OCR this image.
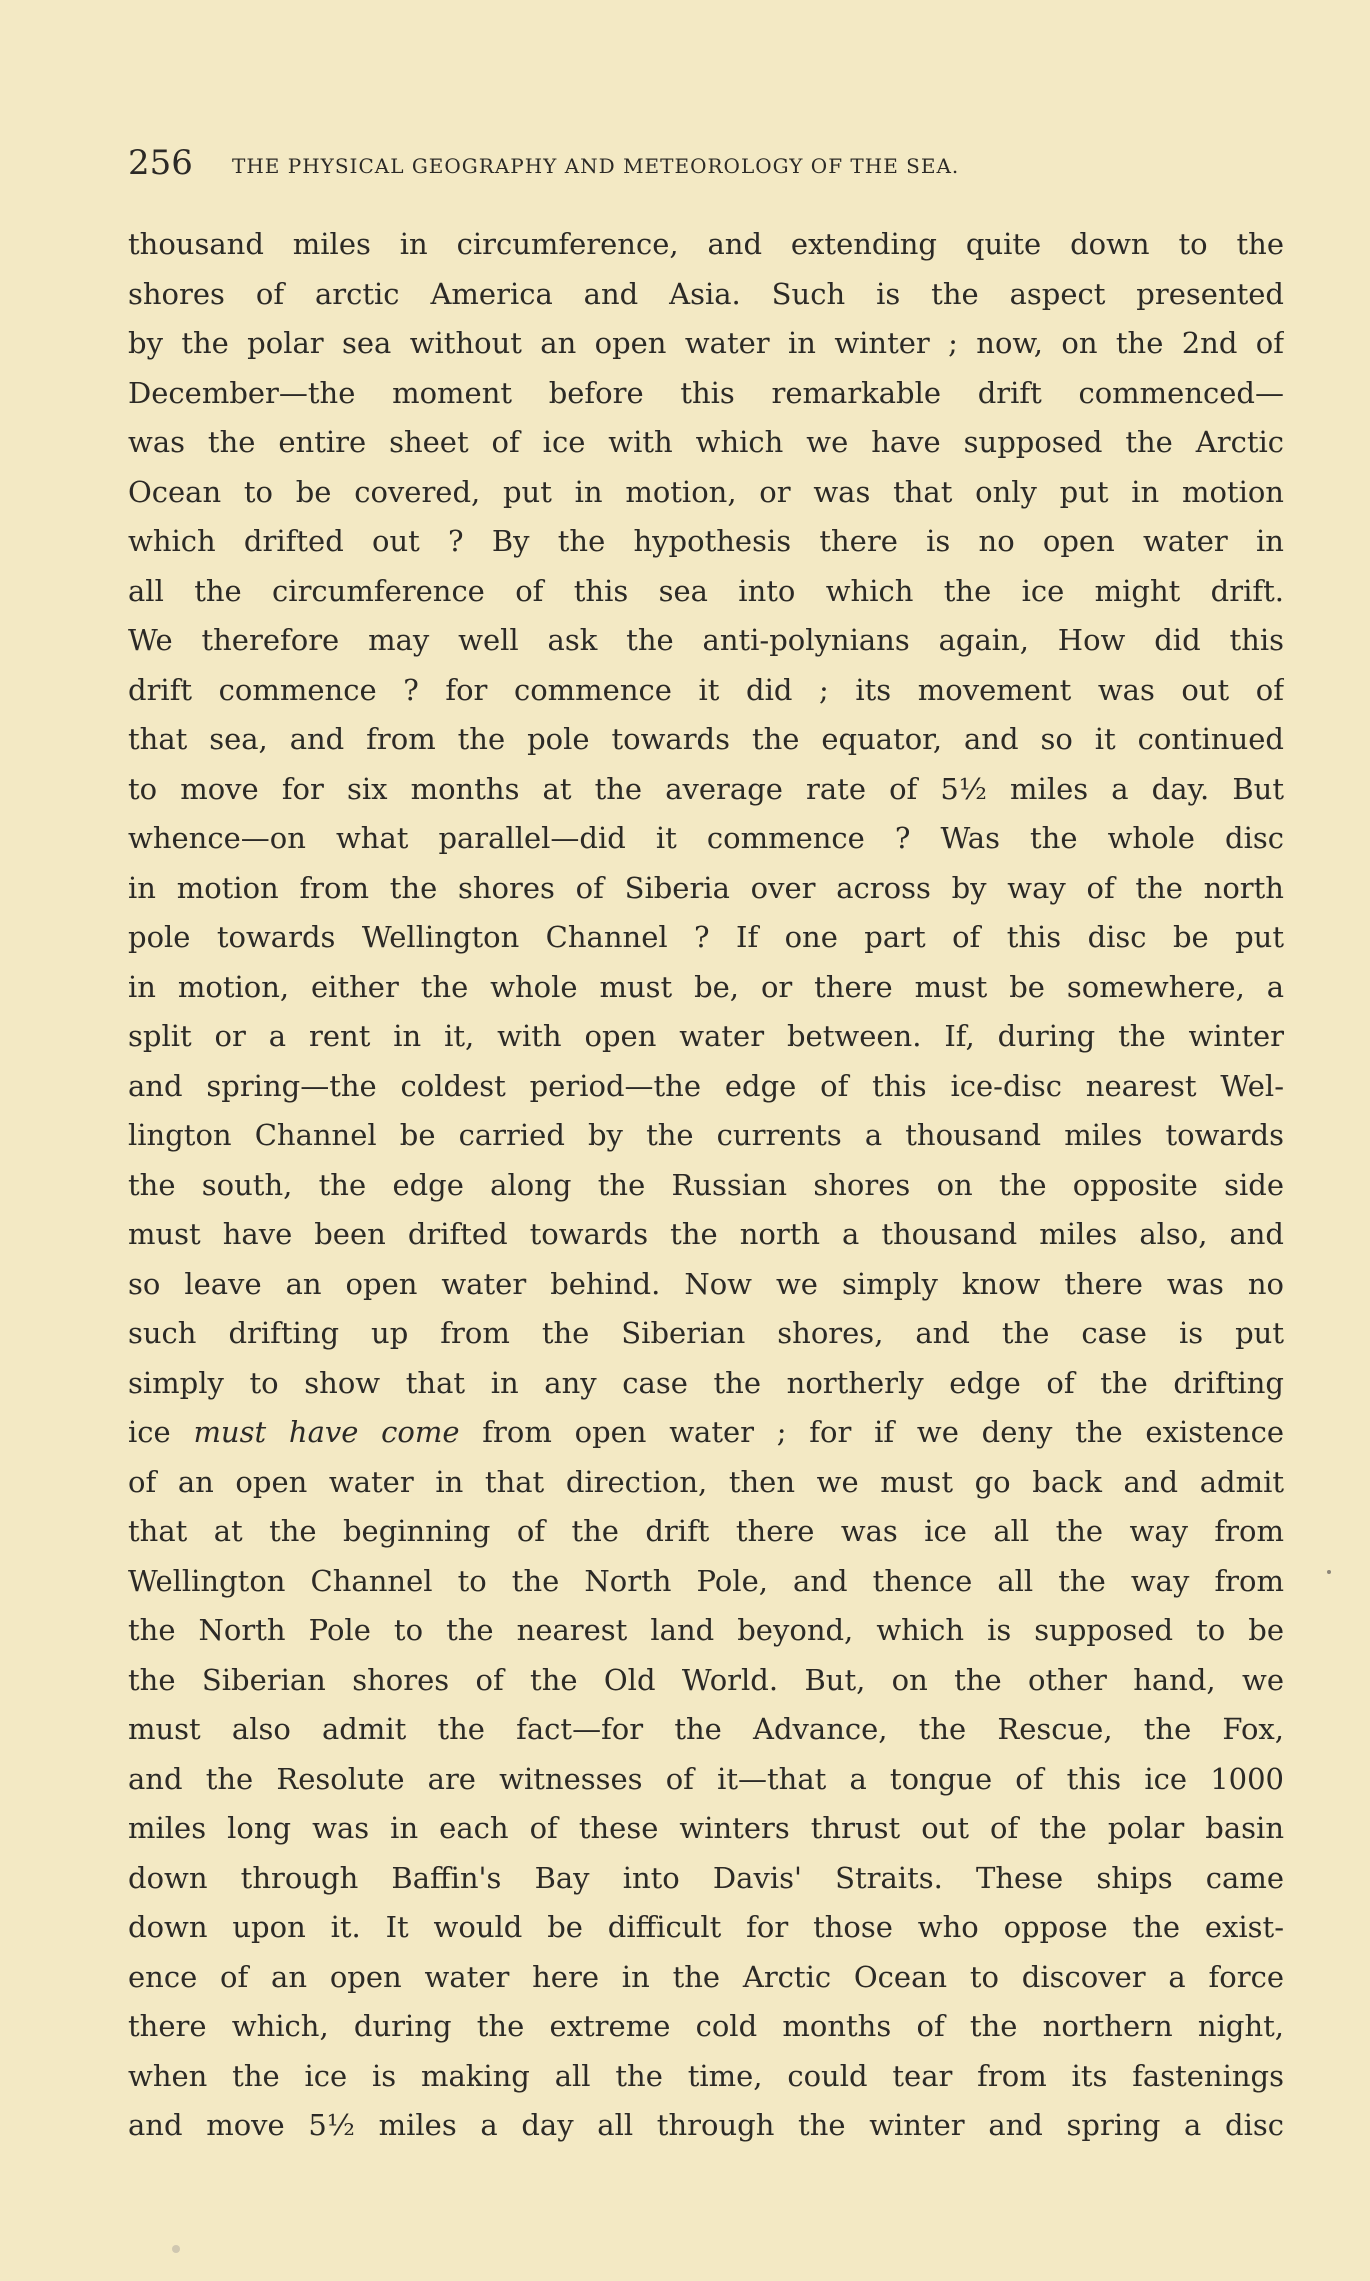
256 THE PHYSICAL GEOGRAPHY AND METEOROLOGY OF THE SEA.
thousand miles in circumference, and extending quite down to the
shores of arctic America and Asia. Such is the aspect presented
by the polar sea without an open water in winter ; now, on the 2nd of
December—the moment before this remarkable drift commenced—
was the entire sheet of ice with which we have supposed the Arctic
Ocean to be covered, put in motion, or was that only put in motion
which drifted out ? By the hypothesis there is no open water in
all the circumference of this sea into which the ice might drift.
We therefore may well ask the anti-polynians again, How did this
drift commence ? for commence it did ; its movement was out of
that sea, and from the pole towards the equator, and so it continued
to move for six months at the average rate of 5½ miles a day. But
whence—on what parallel—did it commence ? Was the whole disc
in motion from the shores of Siberia over across by way of the north
pole towards Wellington Channel ? If one part of this disc be put
in motion, either the whole must be, or there must be somewhere, a
split or a rent in it, with open water between. If, during the winter
and spring—the coldest period—the edge of this ice-disc nearest Wel-
lington Channel be carried by the currents a thousand miles towards
the south, the edge along the Russian shores on the opposite side
must have been drifted towards the north a thousand miles also, and
so leave an open water behind. Now we simply know there was no
such drifting up from the Siberian shores, and the case is put
simply to show that in any case the northerly edge of the drifting
ice must have come from open water ; for if we deny the existence
of an open water in that direction, then we must go back and admit
that at the beginning of the drift there was ice all the way from
Wellington Channel to the North Pole, and thence all the way from
the North Pole to the nearest land beyond, which is supposed to be
the Siberian shores of the Old World. But, on the other hand, we
must also admit the fact—for the Advance, the Rescue, the Fox,
and the Resolute are witnesses of it—that a tongue of this ice 1000
miles long was in each of these winters thrust out of the polar basin
down through Baffin's Bay into Davis' Straits. These ships came
down upon it. It would be difficult for those who oppose the exist-
ence of an open water here in the Arctic Ocean to discover a force
there which, during the extreme cold months of the northern night,
when the ice is making all the time, could tear from its fastenings
and move 5½ miles a day all through the winter and spring a disc
